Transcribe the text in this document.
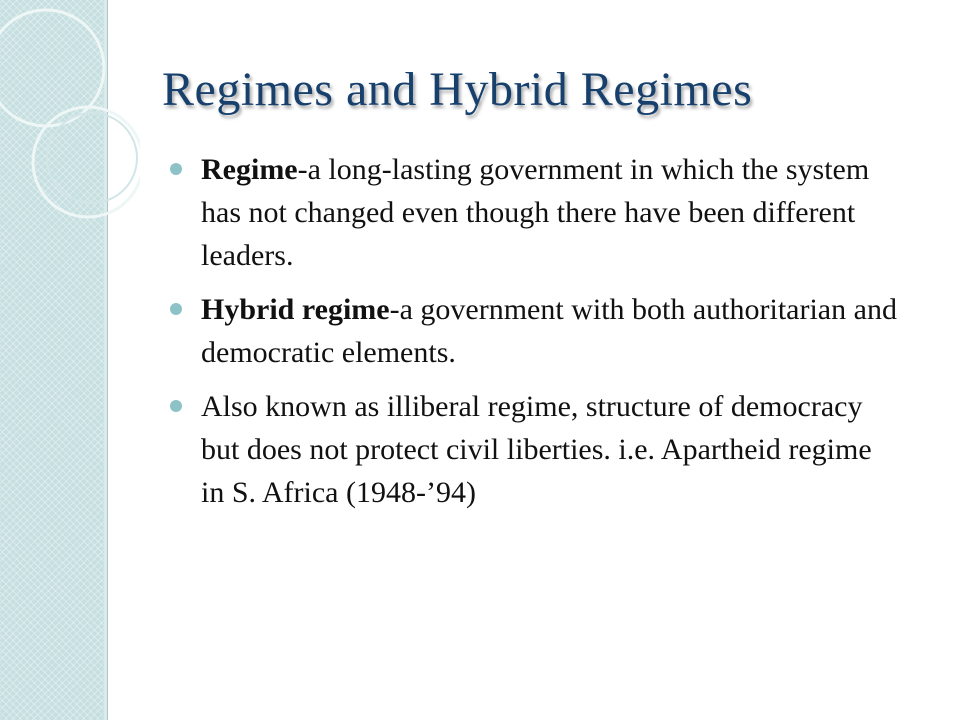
Regimes and Hybrid Regimes
Regime-a long-lasting government in which the system has not changed even though there have been different leaders.
Hybrid regime-a government with both authoritarian and democratic elements.
Also known as illiberal regime, structure of democracy but does not protect civil liberties. i.e. Apartheid regime in S. Africa (1948-’94)
